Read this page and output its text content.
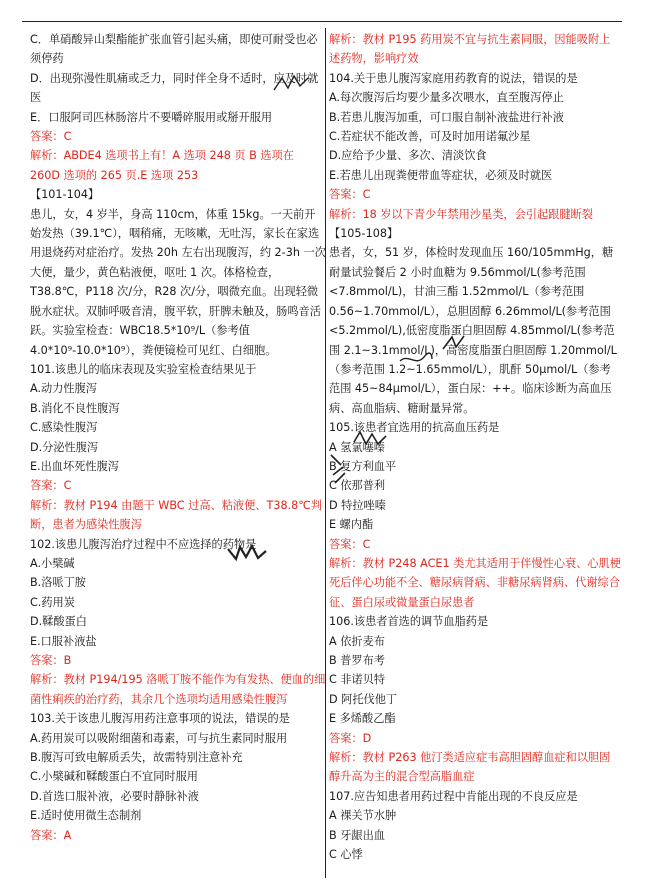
C．单硝酸异山梨酯能扩张血管引起头痛，即使可耐受也必须停药

D．出现弥漫性肌痛或乏力，同时伴全身不适时，应及时就医

E．口服阿司匹林肠溶片不要嚼碎服用或掰开服用

答案：C

解析：ABDE4 选项书上有！A 选项 248 页 B 选项在 260D 选项的 265 页.E 选项 253

【101-104】

患儿，女，4 岁半，身高 110cm，体重 15kg。一天前开始发热（39.1℃），咽稍痛，无咳嗽，无吐泻，家长在家选用退烧药对症治疗。发热 20h 左右出现腹泻，约 2-3h 一次大便，量少，黄色粘液便，呕吐 1 次。体格检查，T38.8℃，P118 次/分，R28 次/分，咽微充血。出现轻微脱水症状。双肺呼吸音清，腹平软，肝脾未触及，肠鸣音活跃。实验室检查：WBC18.5*10⁹/L（参考值 4.0*10⁹-10.0*10⁹），粪便镜检可见红、白细胞。

101.该患儿的临床表现及实验室检查结果见于

A.动力性腹泻

B.消化不良性腹泻

C.感染性腹泻

D.分泌性腹泻

E.出血坏死性腹泻

答案：C

解析：教材 P194 由题干 WBC 过高、粘液便、T38.8℃判断，患者为感染性腹泻

102.该患儿腹泻治疗过程中不应选择的药物是

A.小檗碱

B.洛哌丁胺

C.药用炭

D.鞣酸蛋白

E.口服补液盐

答案：B

解析：教材 P194/195 洛哌丁胺不能作为有发热、便血的细菌性痢疾的治疗药，其余几个选项均适用感染性腹泻

103.关于该患儿腹泻用药注意事项的说法，错误的是

A.药用炭可以吸附细菌和毒素，可与抗生素同时服用

B.腹泻可致电解质丢失，故需特别注意补充

C.小檗碱和鞣酸蛋白不宜同时服用

D.首选口服补液，必要时静脉补液

E.适时使用微生态制剂

答案：A

解析：教材 P195 药用炭不宜与抗生素同服，因能吸附上述药物，影响疗效

104.关于患儿腹泻家庭用药教育的说法，错误的是

A.每次腹泻后均要少量多次喂水，直至腹泻停止

B.若患儿腹泻加重，可口服自制补液盐进行补液

C.若症状不能改善，可及时加用诺氟沙星

D.应给予少量、多次、清淡饮食

E.若患儿出现粪便带血等症状，必须及时就医

答案：C

解析：18 岁以下青少年禁用沙星类，会引起跟腱断裂

【105-108】

患者，女，51 岁，体检时发现血压 160/105mmHg，糖耐量试验餐后 2 小时血糖为 9.56mmol/L(参考范围 <7.8mmol/L)，甘油三酯 1.52mmol/L（参考范围 0.56~1.70mmol/L），总胆固醇 6.26mmol/L(参考范围 <5.2mmol/L),低密度脂蛋白胆固醇 4.85mmol/L(参考范围 2.1~3.1mmol/L)，高密度脂蛋白胆固醇 1.20mmol/L（参考范围 1.2~1.65mmol/L），肌酐 50μmol/L（参考范围 45~84μmol/L），蛋白尿：++。临床诊断为高血压病、高血脂病、糖耐量异常。

105.该患者宜选用的抗高血压药是

A 氢氯噻嗪

B 复方利血平

C 依那普利

D 特拉唑嗪

E 螺内酯

答案：C

解析：教材 P248 ACE1 类尤其适用于伴慢性心衰、心肌梗死后伴心功能不全、糖尿病肾病、非糖尿病肾病、代谢综合征、蛋白尿或微量蛋白尿患者

106.该患者首选的调节血脂药是

A 依折麦布

B 普罗布考

C 非诺贝特

D 阿托伐他丁

E 多烯酸乙酯

答案：D

解析：教材 P263 他汀类适应症韦高胆固醇血症和以胆固醇升高为主的混合型高脂血症

107.应告知患者用药过程中肯能出现的不良反应是

A 裸关节水肿

B 牙龈出血

C 心悸
